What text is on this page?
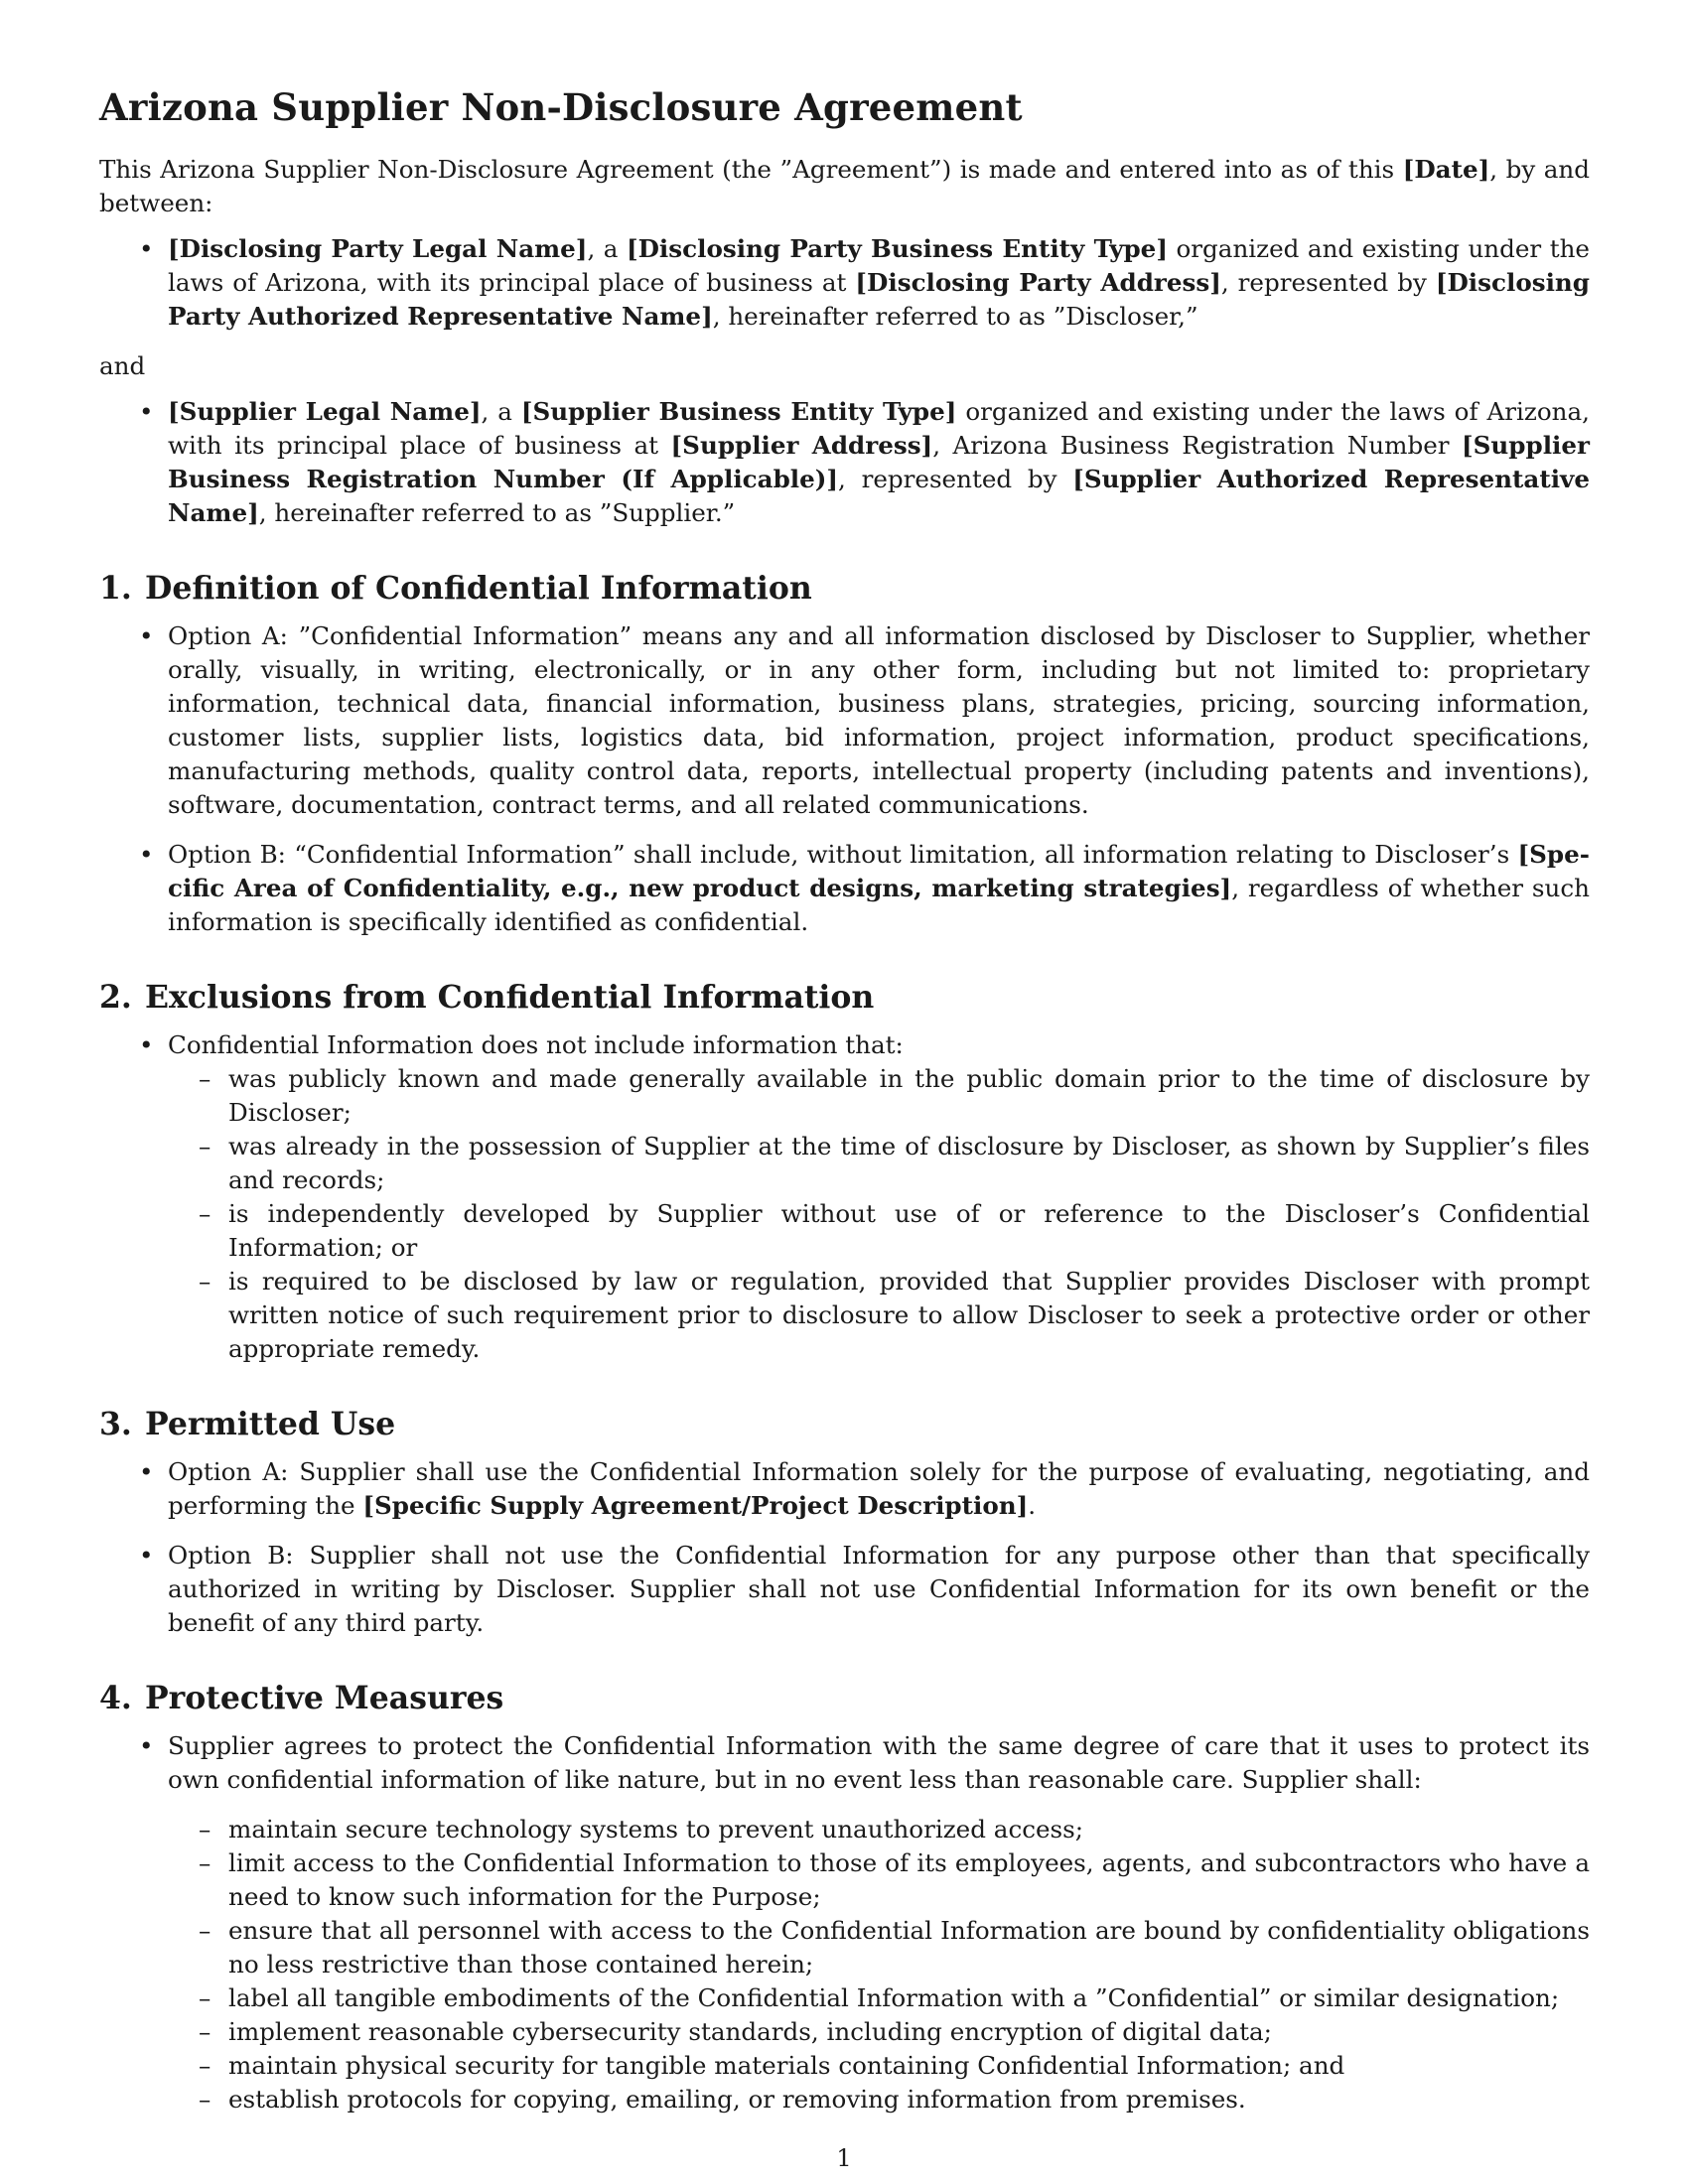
Arizona Supplier Non-Disclosure Agreement

This Arizona Supplier Non-Disclosure Agreement (the ”Agreement”) is made and entered into as of this [Date], by and between:

• [Disclosing Party Legal Name], a [Disclosing Party Business Entity Type] organized and existing under the laws of Arizona, with its principal place of business at [Disclosing Party Address], represented by [Disclosing Party Authorized Representative Name], hereinafter referred to as ”Discloser,”

and

• [Supplier Legal Name], a [Supplier Business Entity Type] organized and existing under the laws of Arizona, with its principal place of business at [Supplier Address], Arizona Business Registration Number [Supplier Business Registration Number (If Applicable)], represented by [Supplier Authorized Representative Name], hereinafter referred to as ”Supplier.”
1. Definition of Confidential Information
• Option A: ”Confidential Information” means any and all information disclosed by Discloser to Supplier, whether orally, visually, in writing, electronically, or in any other form, including but not limited to: proprietary information, technical data, financial information, business plans, strategies, pricing, sourcing information, customer lists, supplier lists, logistics data, bid information, project information, product specifications, manufacturing methods, quality control data, reports, intellectual property (including patents and inventions), software, documentation, contract terms, and all related communications.
• Option B: “Confidential Information” shall include, without limitation, all information relating to Discloser’s [Specific Area of Confidentiality, e.g., new product designs, marketing strategies], regardless of whether such information is specifically identified as confidential.
2. Exclusions from Confidential Information
• Confidential Information does not include information that:
– was publicly known and made generally available in the public domain prior to the time of disclosure by Discloser;
– was already in the possession of Supplier at the time of disclosure by Discloser, as shown by Supplier’s files and records;
– is independently developed by Supplier without use of or reference to the Discloser’s Confidential Information; or
– is required to be disclosed by law or regulation, provided that Supplier provides Discloser with prompt written notice of such requirement prior to disclosure to allow Discloser to seek a protective order or other appropriate remedy.
3. Permitted Use
• Option A: Supplier shall use the Confidential Information solely for the purpose of evaluating, negotiating, and performing the [Specific Supply Agreement/Project Description].
• Option B: Supplier shall not use the Confidential Information for any purpose other than that specifically authorized in writing by Discloser. Supplier shall not use Confidential Information for its own benefit or the benefit of any third party.
4. Protective Measures
• Supplier agrees to protect the Confidential Information with the same degree of care that it uses to protect its own confidential information of like nature, but in no event less than reasonable care. Supplier shall:
– maintain secure technology systems to prevent unauthorized access;
– limit access to the Confidential Information to those of its employees, agents, and subcontractors who have a need to know such information for the Purpose;
– ensure that all personnel with access to the Confidential Information are bound by confidentiality obligations no less restrictive than those contained herein;
– label all tangible embodiments of the Confidential Information with a ”Confidential” or similar designation;
– implement reasonable cybersecurity standards, including encryption of digital data;
– maintain physical security for tangible materials containing Confidential Information; and
– establish protocols for copying, emailing, or removing information from premises.
1
